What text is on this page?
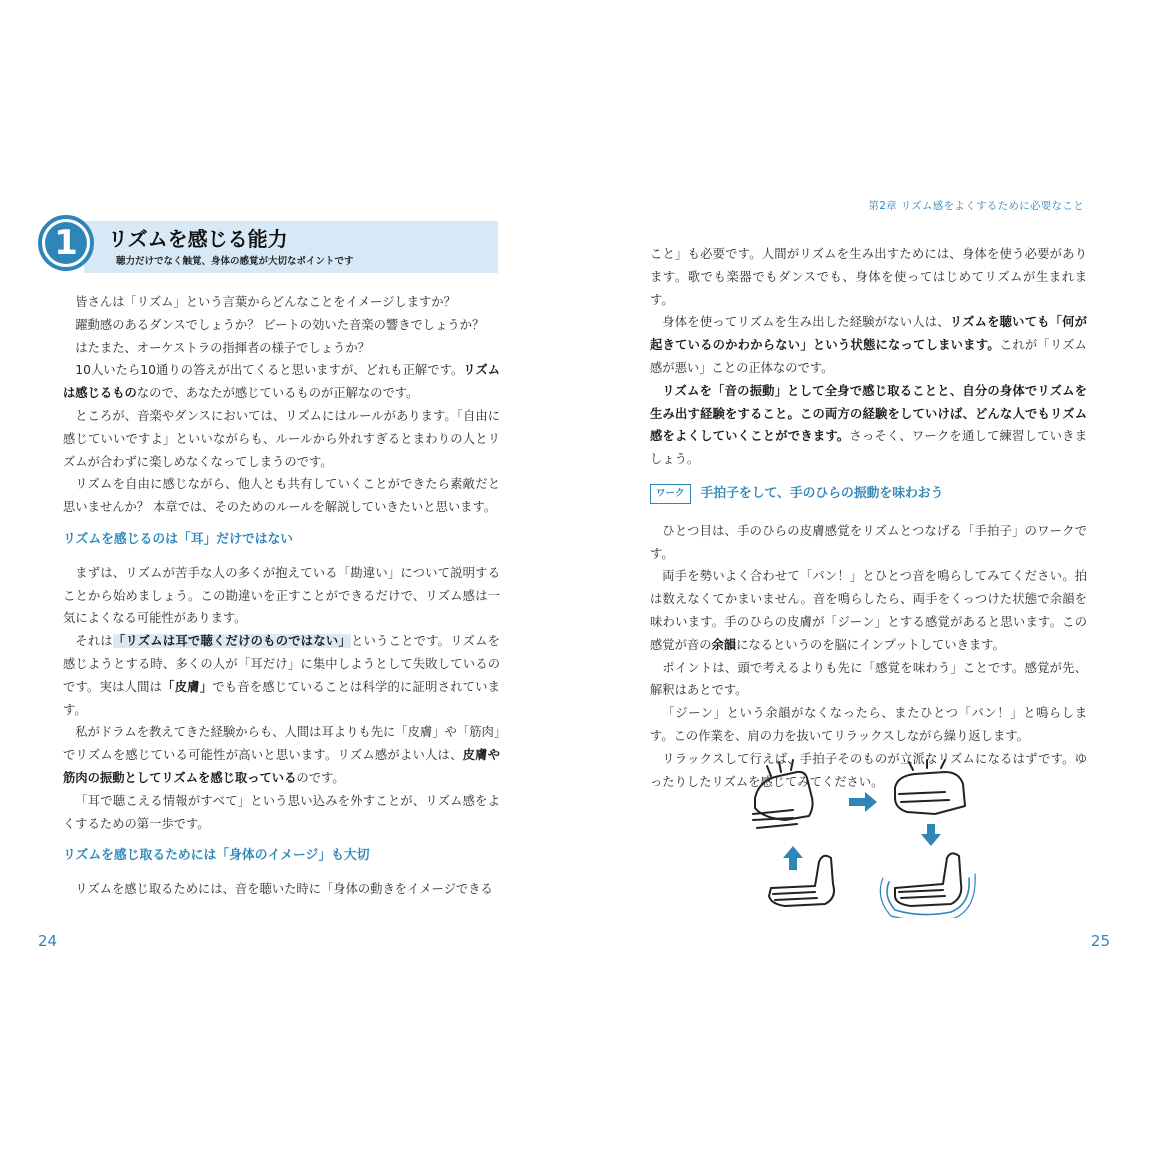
1	リズムを感じる能力
聴力だけでなく触覚、身体の感覚が大切なポイントです

皆さんは「リズム」という言葉からどんなことをイメージしますか？

躍動感のあるダンスでしょうか？ ビートの効いた音楽の響きでしょうか？

はたまた、オーケストラの指揮者の様子でしょうか？

10人いたら10通りの答えが出てくると思いますが、どれも正解です。リズムは感じるものなので、あなたが感じているものが正解なのです。

ところが、音楽やダンスにおいては、リズムにはルールがあります。「自由に感じていいですよ」といいながらも、ルールから外れすぎるとまわりの人とリズムが合わずに楽しめなくなってしまうのです。

リズムを自由に感じながら、他人とも共有していくことができたら素敵だと思いませんか？ 本章では、そのためのルールを解説していきたいと思います。

リズムを感じるのは「耳」だけではない

まずは、リズムが苦手な人の多くが抱えている「勘違い」について説明することから始めましょう。この勘違いを正すことができるだけで、リズム感は一気によくなる可能性があります。

それは「リズムは耳で聴くだけのものではない」ということです。リズムを感じようとする時、多くの人が「耳だけ」に集中しようとして失敗しているのです。実は人間は「皮膚」でも音を感じていることは科学的に証明されています。

私がドラムを教えてきた経験からも、人間は耳よりも先に「皮膚」や「筋肉」でリズムを感じている可能性が高いと思います。リズム感がよい人は、皮膚や筋肉の振動としてリズムを感じ取っているのです。

「耳で聴こえる情報がすべて」という思い込みを外すことが、リズム感をよくするための第一歩です。

リズムを感じ取るためには「身体のイメージ」も大切

リズムを感じ取るためには、音を聴いた時に「身体の動きをイメージできる

24
第2章 リズム感をよくするために必要なこと
25

こと」も必要です。人間がリズムを生み出すためには、身体を使う必要があります。歌でも楽器でもダンスでも、身体を使ってはじめてリズムが生まれます。

身体を使ってリズムを生み出した経験がない人は、リズムを聴いても「何が起きているのかわからない」という状態になってしまいます。これが「リズム感が悪い」ことの正体なのです。

リズムを「音の振動」として全身で感じ取ることと、自分の身体でリズムを生み出す経験をすること。この両方の経験をしていけば、どんな人でもリズム感をよくしていくことができます。さっそく、ワークを通して練習していきましょう。

ワーク	手拍子をして、手のひらの振動を味わおう

ひとつ目は、手のひらの皮膚感覚をリズムとつなげる「手拍子」のワークです。

両手を勢いよく合わせて「パン！」とひとつ音を鳴らしてみてください。拍は数えなくてかまいません。音を鳴らしたら、両手をくっつけた状態で余韻を味わいます。手のひらの皮膚が「ジーン」とする感覚があると思います。この感覚が音の余韻になるというのを脳にインプットしていきます。

ポイントは、頭で考えるよりも先に「感覚を味わう」ことです。感覚が先、解釈はあとです。

「ジーン」という余韻がなくなったら、またひとつ「パン！」と鳴らします。この作業を、肩の力を抜いてリラックスしながら繰り返します。

リラックスして行えば、手拍子そのものが立派なリズムになるはずです。ゆったりしたリズムを感じてみてください。
